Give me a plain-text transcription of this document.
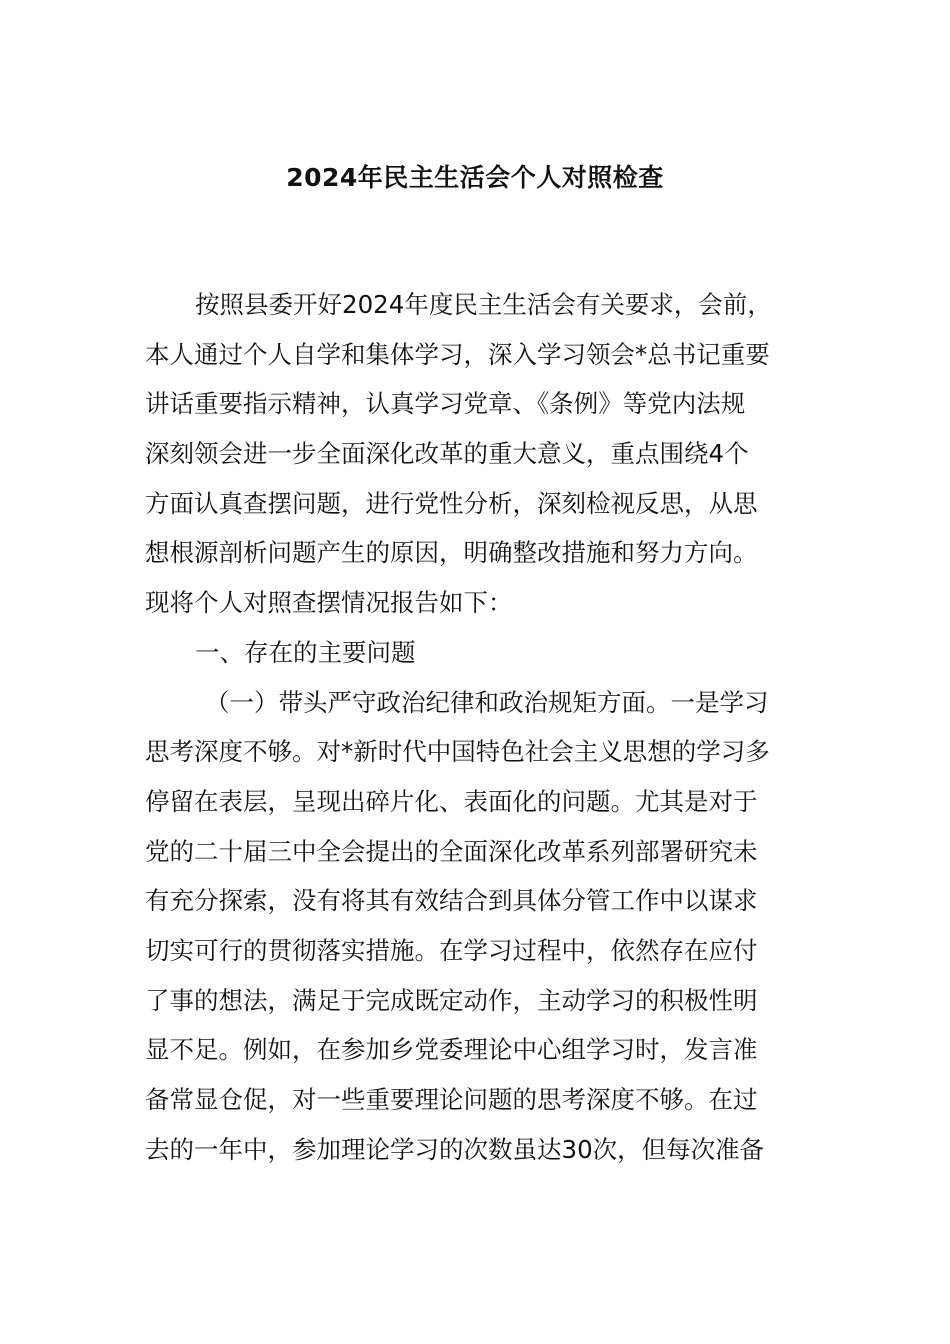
2024年民主生活会个人对照检查
按照县委开好2024年度民主生活会有关要求，会前，
本人通过个人自学和集体学习，深入学习领会*总书记重要
讲话重要指示精神，认真学习党章、《条例》等党内法规
深刻领会进一步全面深化改革的重大意义，重点围绕4个
方面认真查摆问题，进行党性分析，深刻检视反思，从思
想根源剖析问题产生的原因，明确整改措施和努力方向。
现将个人对照查摆情况报告如下：
一、存在的主要问题
（一）带头严守政治纪律和政治规矩方面。一是学习
思考深度不够。对*新时代中国特色社会主义思想的学习多
停留在表层，呈现出碎片化、表面化的问题。尤其是对于
党的二十届三中全会提出的全面深化改革系列部署研究未
有充分探索，没有将其有效结合到具体分管工作中以谋求
切实可行的贯彻落实措施。在学习过程中，依然存在应付
了事的想法，满足于完成既定动作，主动学习的积极性明
显不足。例如，在参加乡党委理论中心组学习时，发言准
备常显仓促，对一些重要理论问题的思考深度不够。在过
去的一年中，参加理论学习的次数虽达30次，但每次准备
